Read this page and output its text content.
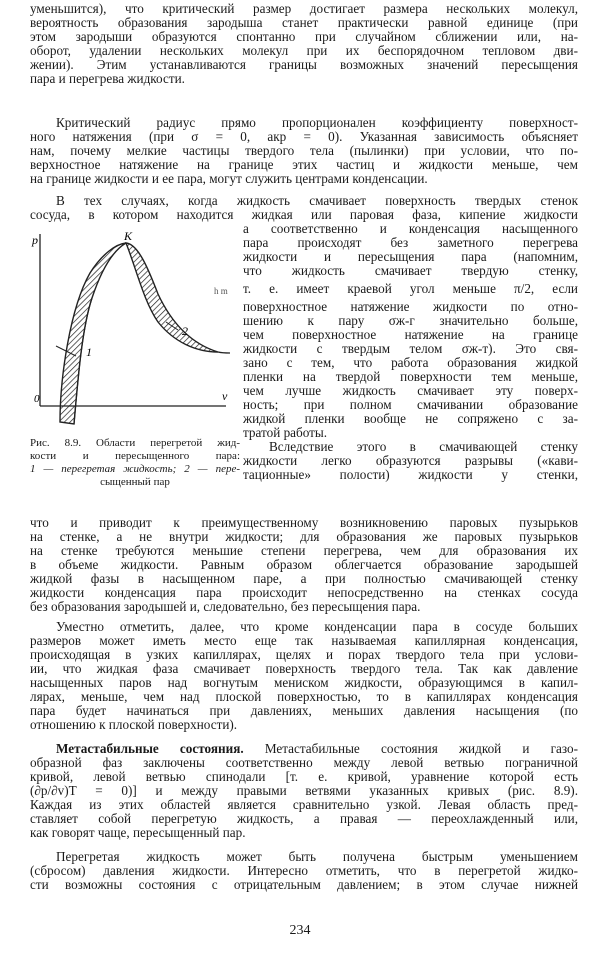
уменьшится), что критический размер достигает размера нескольких молекул,
вероятность образования зародыша станет практически равной единице (при
этом зародыши образуются спонтанно при случайном сближении или, на-
оборот, удалении нескольких молекул при их беспорядочном тепловом дви-
жении). Этим устанавливаются границы возможных значений пересыщения
пара и перегрева жидкости.
Критический радиус прямо пропорционален коэффициенту поверхност-
ного натяжения (при σ = 0, aкр = 0). Указанная зависимость объясняет
нам, почему мелкие частицы твердого тела (пылинки) при условии, что по-
верхностное натяжение на границе этих частиц и жидкости меньше, чем
на границе жидкости и ее пара, могут служить центрами конденсации.
В тех случаях, когда жидкость смачивает поверхность твердых стенок
сосуда, в котором находится жидкая или паровая фаза, кипение жидкости
а соответственно и конденсация насыщенного
пара происходят без заметного перегрева
жидкости и пересыщения пара (напомним,
что жидкость смачивает твердую стенку,
т. е. имеет краевой угол меньше π/2, если
поверхностное натяжение жидкости по отно-
шению к пару σж-г значительно больше,
чем поверхностное натяжение на границе
жидкости с твердым телом σж-т). Это свя-
зано с тем, что работа образования жидкой
пленки на твердой поверхности тем меньше,
чем лучше жидкость смачивает эту поверх-
ность; при полном смачивании образование
жидкой пленки вообще не сопряжено с за-
тратой работы.
Вследствие этого в смачивающей стенку
жидкости легко образуются разрывы («кави-
тационные» полости) жидкости у стенки,
p
v
0
K
h m
1
2
Рис. 8.9. Области перегретой жид-
кости и пересыщенного пара:
1 — перегретая жидкость; 2 — пере-
сыщенный пар
что и приводит к преимущественному возникновению паровых пузырьков
на стенке, а не внутри жидкости; для образования же паровых пузырьков
на стенке требуются меньшие степени перегрева, чем для образования их
в объеме жидкости. Равным образом облегчается образование зародышей
жидкой фазы в насыщенном паре, а при полностью смачивающей стенку
жидкости конденсация пара происходит непосредственно на стенках сосуда
без образования зародышей и, следовательно, без пересыщения пара.
Уместно отметить, далее, что кроме конденсации пара в сосуде больших
размеров может иметь место еще так называемая капиллярная конденсация,
происходящая в узких капиллярах, щелях и порах твердого тела при услови-
ии, что жидкая фаза смачивает поверхность твердого тела. Так как давление
насыщенных паров над вогнутым мениском жидкости, образующимся в капил-
лярах, меньше, чем над плоской поверхностью, то в капиллярах конденсация
пара будет начинаться при давлениях, меньших давления насыщения (по
отношению к плоской поверхности).
Метастабильные состояния. Метастабильные состояния жидкой и газо-
образной фаз заключены соответственно между левой ветвью пограничной
кривой, левой ветвью спинодали [т. е. кривой, уравнение которой есть
(∂p/∂v)T = 0)] и между правыми ветвями указанных кривых (рис. 8.9).
Каждая из этих областей является сравнительно узкой. Левая область пред-
ставляет собой перегретую жидкость, а правая — переохлажденный или,
как говорят чаще, пересыщенный пар.
Перегретая жидкость может быть получена быстрым уменьшением
(сбросом) давления жидкости. Интересно отметить, что в перегретой жидко-
сти возможны состояния с отрицательным давлением; в этом случае нижней
234
